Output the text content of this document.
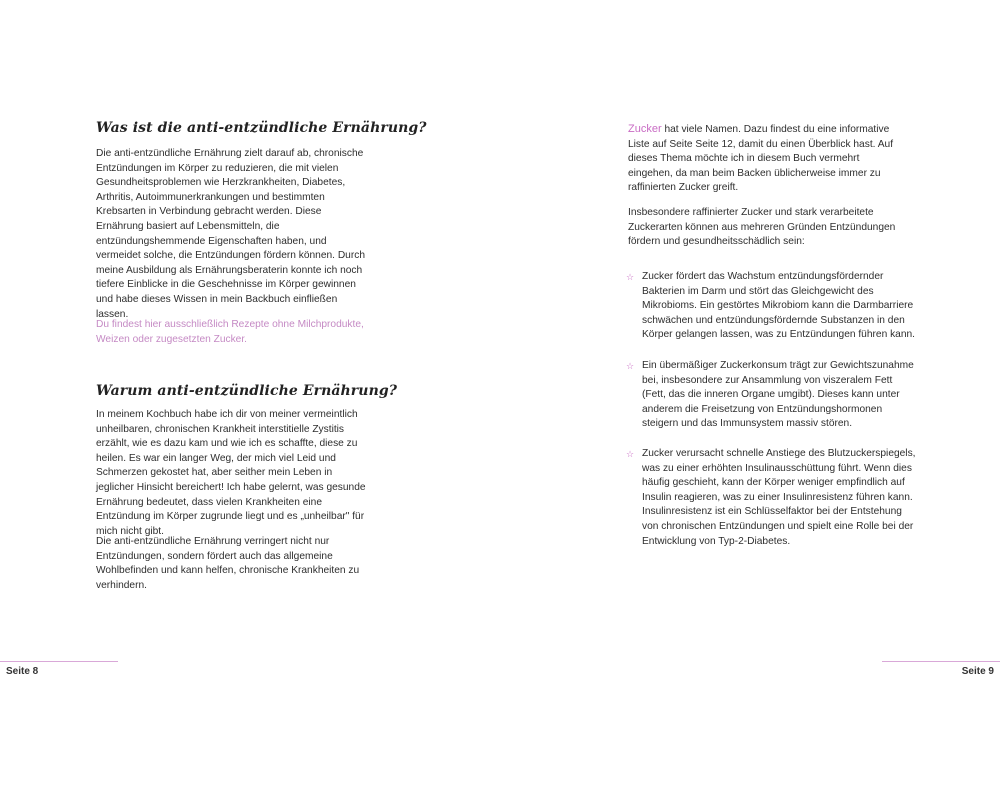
Was ist die anti-entzündliche Ernährung?

Die anti-entzündliche Ernährung zielt darauf ab, chronische Entzündungen im Körper zu reduzieren, die mit vielen Gesundheitsproblemen wie Herzkrankheiten, Diabetes, Arthritis, Autoimmunerkrankungen und bestimmten Krebsarten in Verbindung gebracht werden. Diese Ernährung basiert auf Lebensmitteln, die entzündungshemmende Eigenschaften haben, und vermeidet solche, die Entzündungen fördern können. Durch meine Ausbildung als Ernährungsberaterin konnte ich noch tiefere Einblicke in die Geschehnisse im Körper gewinnen und habe dieses Wissen in mein Backbuch einfließen lassen.

Du findest hier ausschließlich Rezepte ohne Milchprodukte, Weizen oder zugesetzten Zucker.

Warum anti-entzündliche Ernährung?

In meinem Kochbuch habe ich dir von meiner vermeintlich unheilbaren, chronischen Krankheit interstitielle Zystitis erzählt, wie es dazu kam und wie ich es schaffte, diese zu heilen. Es war ein langer Weg, der mich viel Leid und Schmerzen gekostet hat, aber seither mein Leben in jeglicher Hinsicht bereichert! Ich habe gelernt, was gesunde Ernährung bedeutet, dass vielen Krankheiten eine Entzündung im Körper zugrunde liegt und es „unheilbar" für mich nicht gibt.

Die anti-entzündliche Ernährung verringert nicht nur Entzündungen, sondern fördert auch das allgemeine Wohlbefinden und kann helfen, chronische Krankheiten zu verhindern.

Seite 8

Zucker hat viele Namen. Dazu findest du eine informative Liste auf Seite Seite 12, damit du einen Überblick hast. Auf dieses Thema möchte ich in diesem Buch vermehrt eingehen, da man beim Backen üblicherweise immer zu raffinierten Zucker greift.

Insbesondere raffinierter Zucker und stark verarbeitete Zuckerarten können aus mehreren Gründen Entzündungen fördern und gesundheitsschädlich sein:

☆ Zucker fördert das Wachstum entzündungsfördernder Bakterien im Darm und stört das Gleichgewicht des Mikrobioms. Ein gestörtes Mikrobiom kann die Darmbarriere schwächen und entzündungsfördernde Substanzen in den Körper gelangen lassen, was zu Entzündungen führen kann.
☆ Ein übermäßiger Zuckerkonsum trägt zur Gewichtszunahme bei, insbesondere zur Ansammlung von viszeralem Fett (Fett, das die inneren Organe umgibt). Dieses kann unter anderem die Freisetzung von Entzündungshormonen steigern und das Immunsystem massiv stören.
☆ Zucker verursacht schnelle Anstiege des Blutzuckerspiegels, was zu einer erhöhten Insulinausschüttung führt. Wenn dies häufig geschieht, kann der Körper weniger empfindlich auf Insulin reagieren, was zu einer Insulinresistenz führen kann. Insulinresistenz ist ein Schlüsselfaktor bei der Entstehung von chronischen Entzündungen und spielt eine Rolle bei der Entwicklung von Typ-2-Diabetes.
Seite 9
